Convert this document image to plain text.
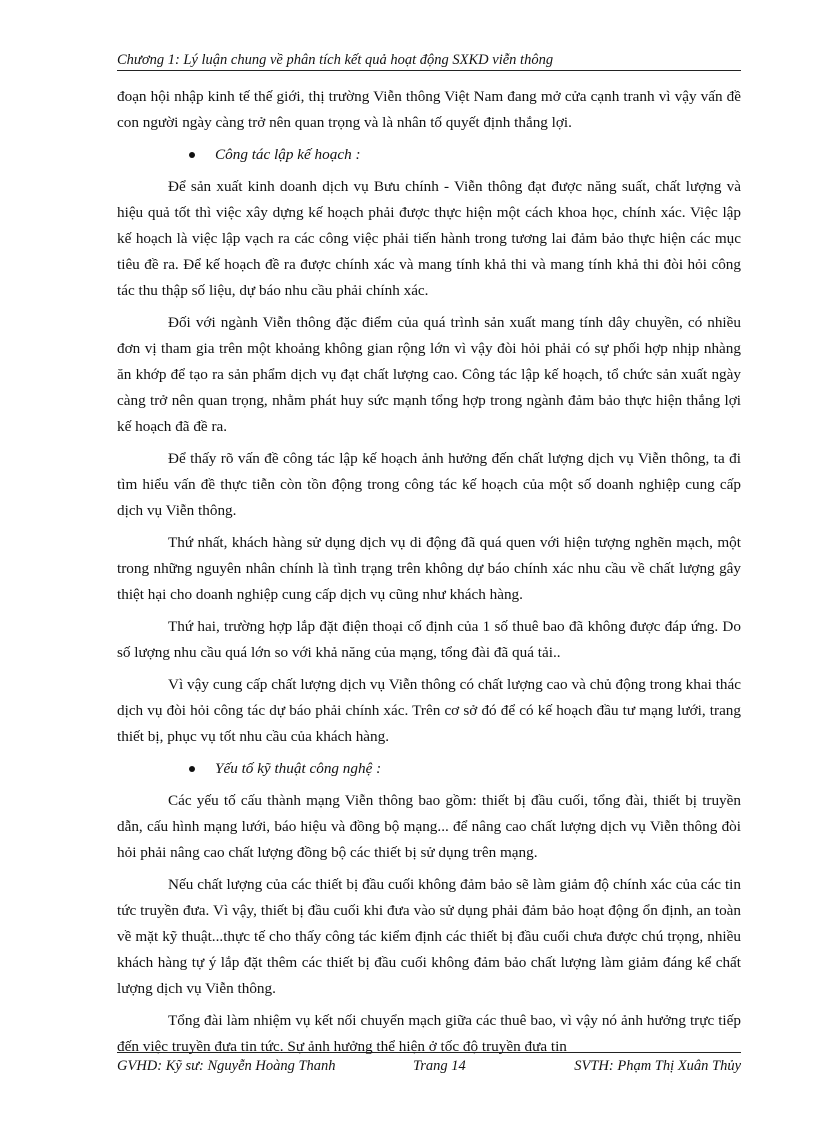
Chương 1: Lý luận chung về phân tích kết quả hoạt động SXKD viễn thông

đoạn hội nhập kinh tế thế giới, thị trường Viễn thông Việt Nam đang mở cửa cạnh tranh vì vậy vấn đề con người ngày càng trở nên quan trọng và là nhân tố quyết định thắng lợi.

Công tác lập kế hoạch :

Để sản xuất kinh doanh dịch vụ Bưu chính - Viễn thông đạt được năng suất, chất lượng và hiệu quả tốt thì việc xây dựng kế hoạch phải được thực hiện một cách khoa học, chính xác. Việc lập kế hoạch là việc lập vạch ra các công việc phải tiến hành trong tương lai đảm bảo thực hiện các mục tiêu đề ra. Để kế hoạch đề ra được chính xác và mang tính khả thi và mang tính khả thi đòi hỏi công tác thu thập số liệu, dự báo nhu cầu phải chính xác.

Đối với ngành Viễn thông đặc điểm của quá trình sản xuất mang tính dây chuyền, có nhiều đơn vị tham gia trên một khoảng không gian rộng lớn vì vậy đòi hỏi phải có sự phối hợp nhịp nhàng ăn khớp để tạo ra sản phẩm dịch vụ đạt chất lượng cao. Công tác lập kế hoạch, tổ chức sản xuất ngày càng trở nên quan trọng, nhằm phát huy sức mạnh tổng hợp trong ngành đảm bảo thực hiện thắng lợi kế hoạch đã đề ra.

Để thấy rõ vấn đề công tác lập kế hoạch ảnh hưởng đến chất lượng dịch vụ Viễn thông, ta đi tìm hiểu vấn đề thực tiễn còn tồn động trong công tác kế hoạch của một số doanh nghiệp cung cấp dịch vụ Viễn thông.

Thứ nhất, khách hàng sử dụng dịch vụ di động đã quá quen với hiện tượng nghẽn mạch, một trong những nguyên nhân chính là tình trạng trên không dự báo chính xác nhu cầu về chất lượng gây thiệt hại cho doanh nghiệp cung cấp dịch vụ cũng như khách hàng.

Thứ hai, trường hợp lắp đặt điện thoại cố định của 1 số thuê bao đã không được đáp ứng. Do số lượng nhu cầu quá lớn so với khả năng của mạng, tổng đài đã quá tải..

Vì vậy cung cấp chất lượng dịch vụ Viễn thông có chất lượng cao và chủ động trong khai thác dịch vụ đòi hỏi công tác dự báo phải chính xác. Trên cơ sở đó để có kế hoạch đầu tư mạng lưới, trang thiết bị, phục vụ tốt nhu cầu của khách hàng.

Yếu tố kỹ thuật công nghệ :

Các yếu tố cấu thành mạng Viễn thông bao gồm: thiết bị đầu cuối, tổng đài, thiết bị truyền dẫn, cấu hình mạng lưới, báo hiệu và đồng bộ mạng... để nâng cao chất lượng dịch vụ Viễn thông đòi hỏi phải nâng cao chất lượng đồng bộ các thiết bị sử dụng trên mạng.

Nếu chất lượng của các thiết bị đầu cuối không đảm bảo sẽ làm giảm độ chính xác của các tin tức truyền đưa. Vì vậy, thiết bị đầu cuối khi đưa vào sử dụng phải đảm bảo hoạt động ổn định, an toàn về mặt kỹ thuật...thực tế cho thấy công tác kiểm định các thiết bị đầu cuối chưa được chú trọng, nhiều khách hàng tự ý lắp đặt thêm các thiết bị đầu cuối không đảm bảo chất lượng làm giảm đáng kể chất lượng dịch vụ Viễn thông.

Tổng đài làm nhiệm vụ kết nối chuyển mạch giữa các thuê bao, vì vậy nó ảnh hưởng trực tiếp đến việc truyền đưa tin tức. Sự ảnh hưởng thể hiện ở tốc độ truyền đưa tin

GVHD: Kỹ sư: Nguyễn Hoàng Thanh	Trang 14	SVTH: Phạm Thị Xuân Thủy
